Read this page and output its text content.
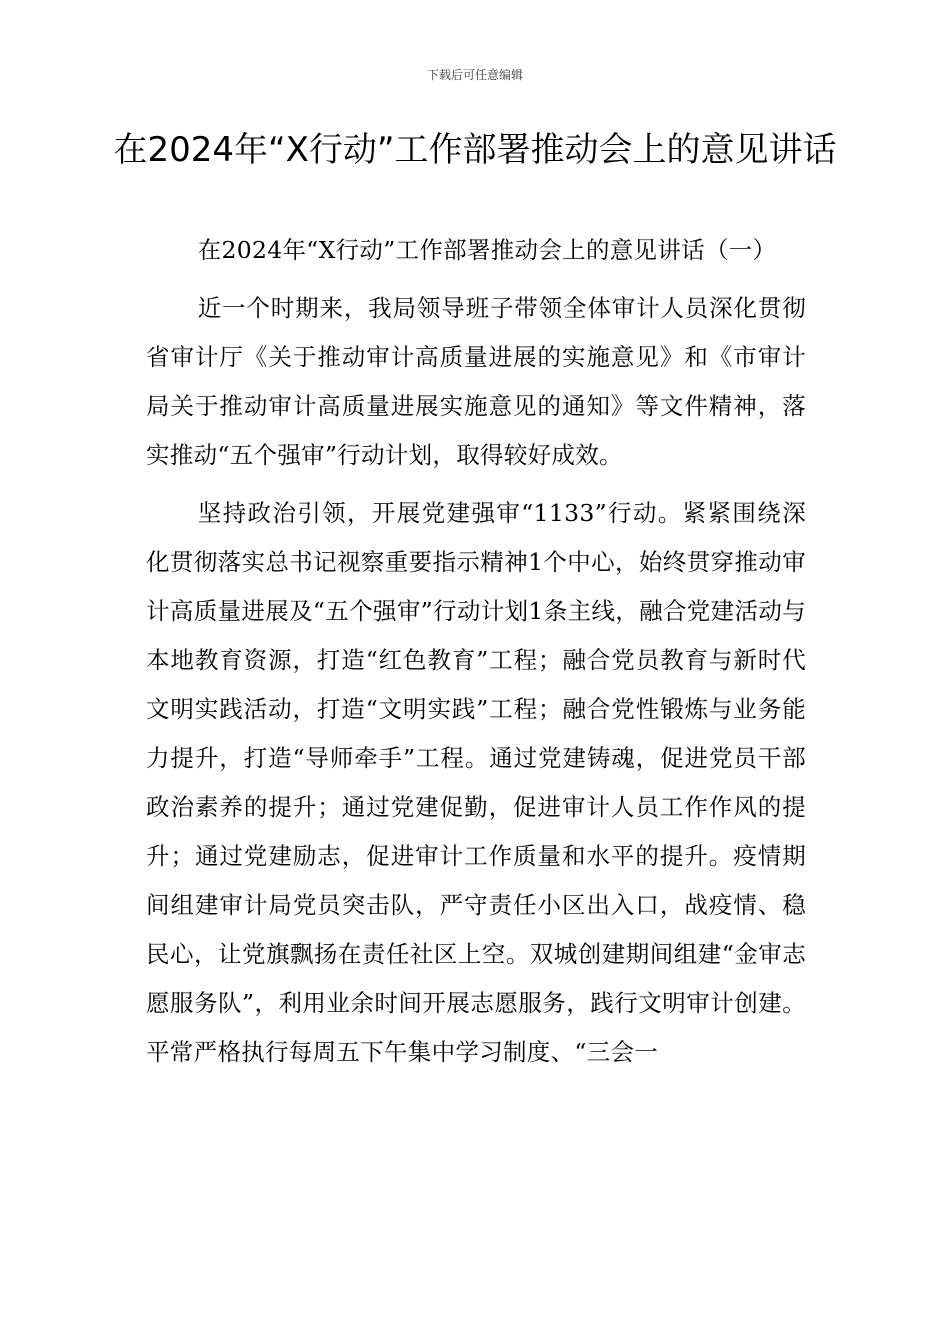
下载后可任意编辑
在2024年“X行动”工作部署推动会上的意见讲话

在2024年“X行动”工作部署推动会上的意见讲话（一）

近一个时期来，我局领导班子带领全体审计人员深化贯彻省审计厅《关于推动审计高质量进展的实施意见》和《市审计局关于推动审计高质量进展实施意见的通知》等文件精神，落实推动“五个强审”行动计划，取得较好成效。

坚持政治引领，开展党建强审“1133”行动。紧紧围绕深化贯彻落实总书记视察重要指示精神1个中心，始终贯穿推动审计高质量进展及“五个强审”行动计划1条主线，融合党建活动与本地教育资源，打造“红色教育”工程；融合党员教育与新时代文明实践活动，打造“文明实践”工程；融合党性锻炼与业务能力提升，打造“导师牵手”工程。通过党建铸魂，促进党员干部政治素养的提升；通过党建促勤，促进审计人员工作作风的提升；通过党建励志，促进审计工作质量和水平的提升。疫情期间组建审计局党员突击队，严守责任小区出入口，战疫情、稳民心，让党旗飘扬在责任社区上空。双城创建期间组建“金审志愿服务队”，利用业余时间开展志愿服务，践行文明审计创建。平常严格执行每周五下午集中学习制度、“三会一
